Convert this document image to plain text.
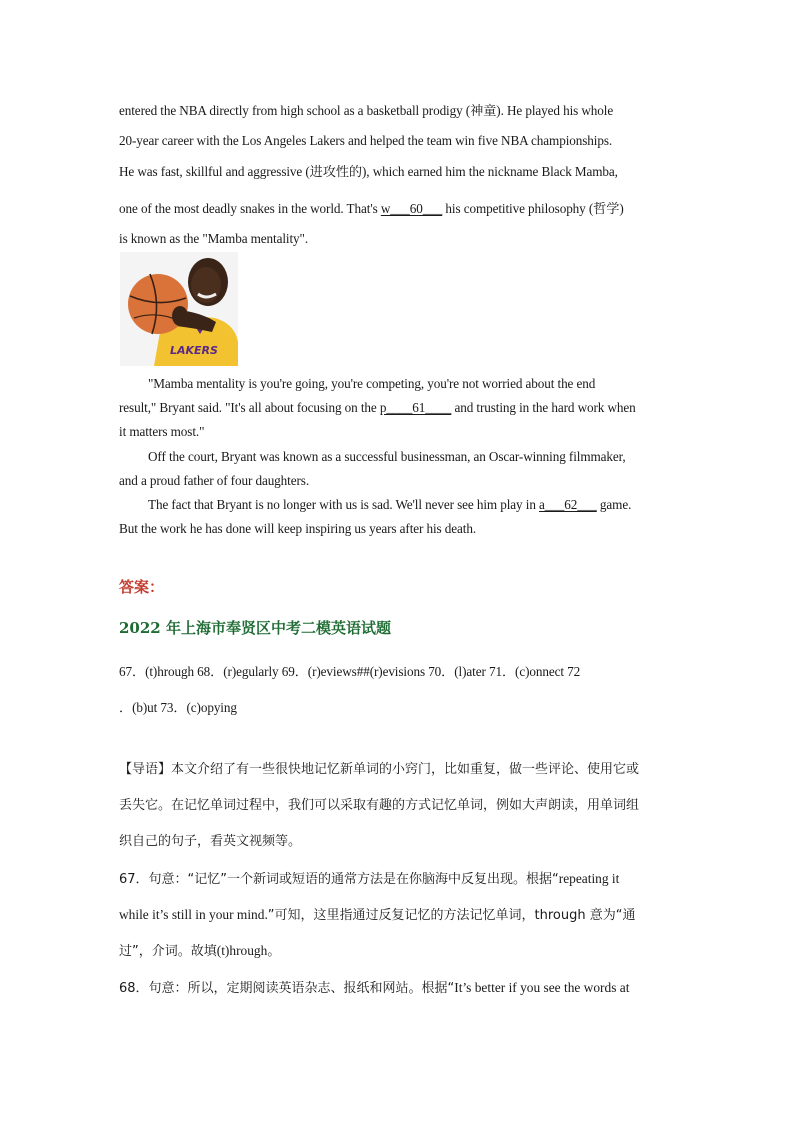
entered the NBA directly from high school as a basketball prodigy (神童). He played his whole
20-year career with the Los Angeles Lakers and helped the team win five NBA championships.
He was fast, skillful and aggressive (进攻性的), which earned him the nickname Black Mamba,
one of the most deadly snakes in the world. That's w___60___ his competitive philosophy (哲学)
is known as the "Mamba mentality".
LAKERS
"Mamba mentality is you're going, you're competing, you're not worried about the end
result," Bryant said. "It's all about focusing on the p____61____ and trusting in the hard work when
it matters most."
Off the court, Bryant was known as a successful businessman, an Oscar-winning filmmaker,
and a proud father of four daughters.
The fact that Bryant is no longer with us is sad. We'll never see him play in a___62___ game.
But the work he has done will keep inspiring us years after his death.
答案：
2022 年上海市奉贤区中考二模英语试题
67．(t)hrough 68．(r)egularly 69．(r)eviews##(r)evisions 70．(l)ater 71．(c)onnect 72
．(b)ut 73．(c)opying
【导语】本文介绍了有一些很快地记忆新单词的小窍门，比如重复，做一些评论、使用它或
丢失它。在记忆单词过程中，我们可以采取有趣的方式记忆单词，例如大声朗读，用单词组
织自己的句子，看英文视频等。
67．句意：“记忆”一个新词或短语的通常方法是在你脑海中反复出现。根据“repeating it
while it’s still in your mind.”可知，这里指通过反复记忆的方法记忆单词，through 意为“通
过”，介词。故填(t)hrough。
68．句意：所以，定期阅读英语杂志、报纸和网站。根据“It’s better if you see the words at
